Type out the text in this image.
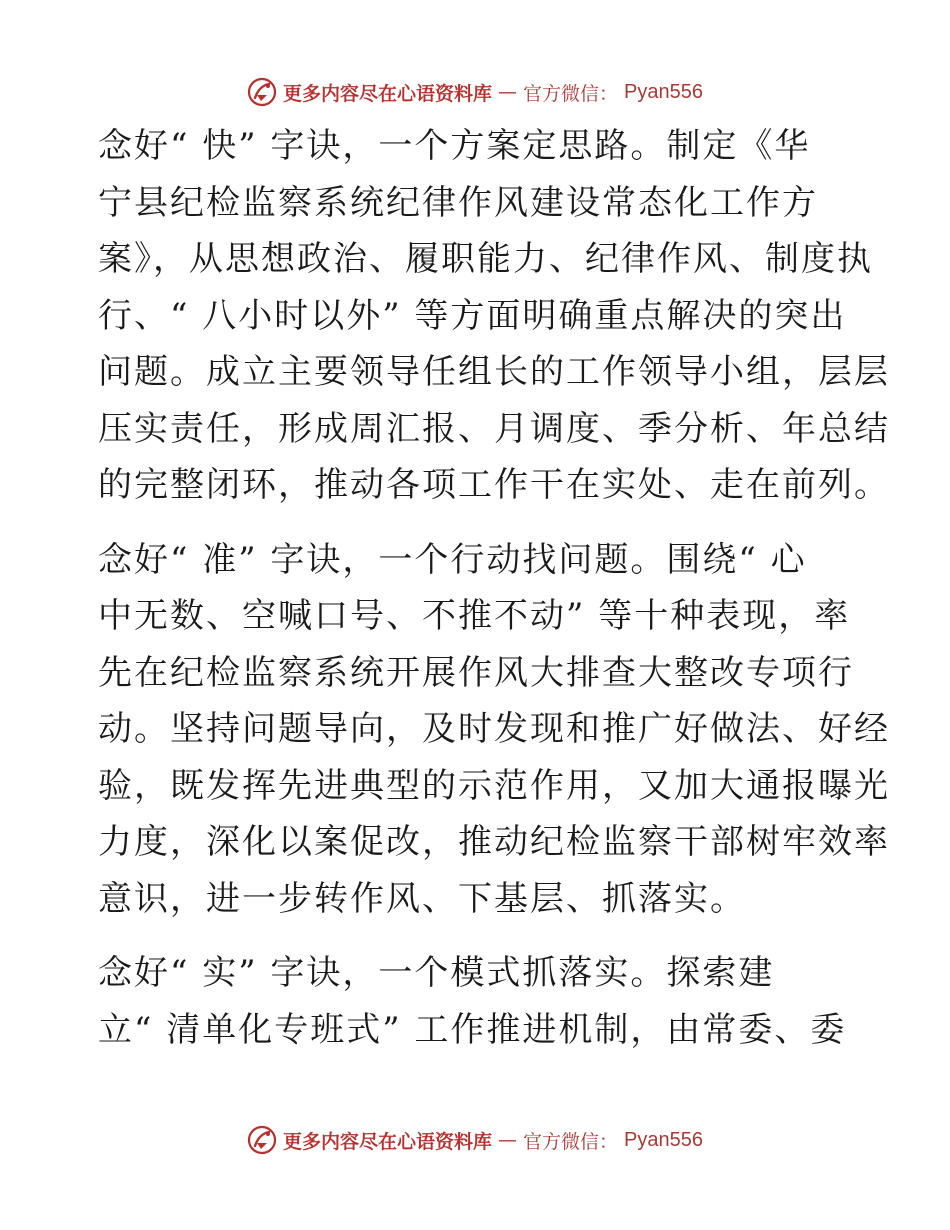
更多内容尽在心语资料库 — 官方微信： Pyan556

念好“ 快” 字诀，一个方案定思路。制定《华
宁县纪检监察系统纪律作风建设常态化工作方
案》，从思想政治、履职能力、纪律作风、制度执
行、“ 八小时以外” 等方面明确重点解决的突出
问题。成立主要领导任组长的工作领导小组，层层
压实责任，形成周汇报、月调度、季分析、年总结
的完整闭环，推动各项工作干在实处、走在前列。

念好“ 准” 字诀，一个行动找问题。围绕“ 心
中无数、空喊口号、不推不动” 等十种表现，率
先在纪检监察系统开展作风大排查大整改专项行
动。坚持问题导向，及时发现和推广好做法、好经
验，既发挥先进典型的示范作用，又加大通报曝光
力度，深化以案促改，推动纪检监察干部树牢效率
意识，进一步转作风、下基层、抓落实。

念好“ 实” 字诀，一个模式抓落实。探索建
立“ 清单化专班式” 工作推进机制，由常委、委

更多内容尽在心语资料库 — 官方微信： Pyan556
